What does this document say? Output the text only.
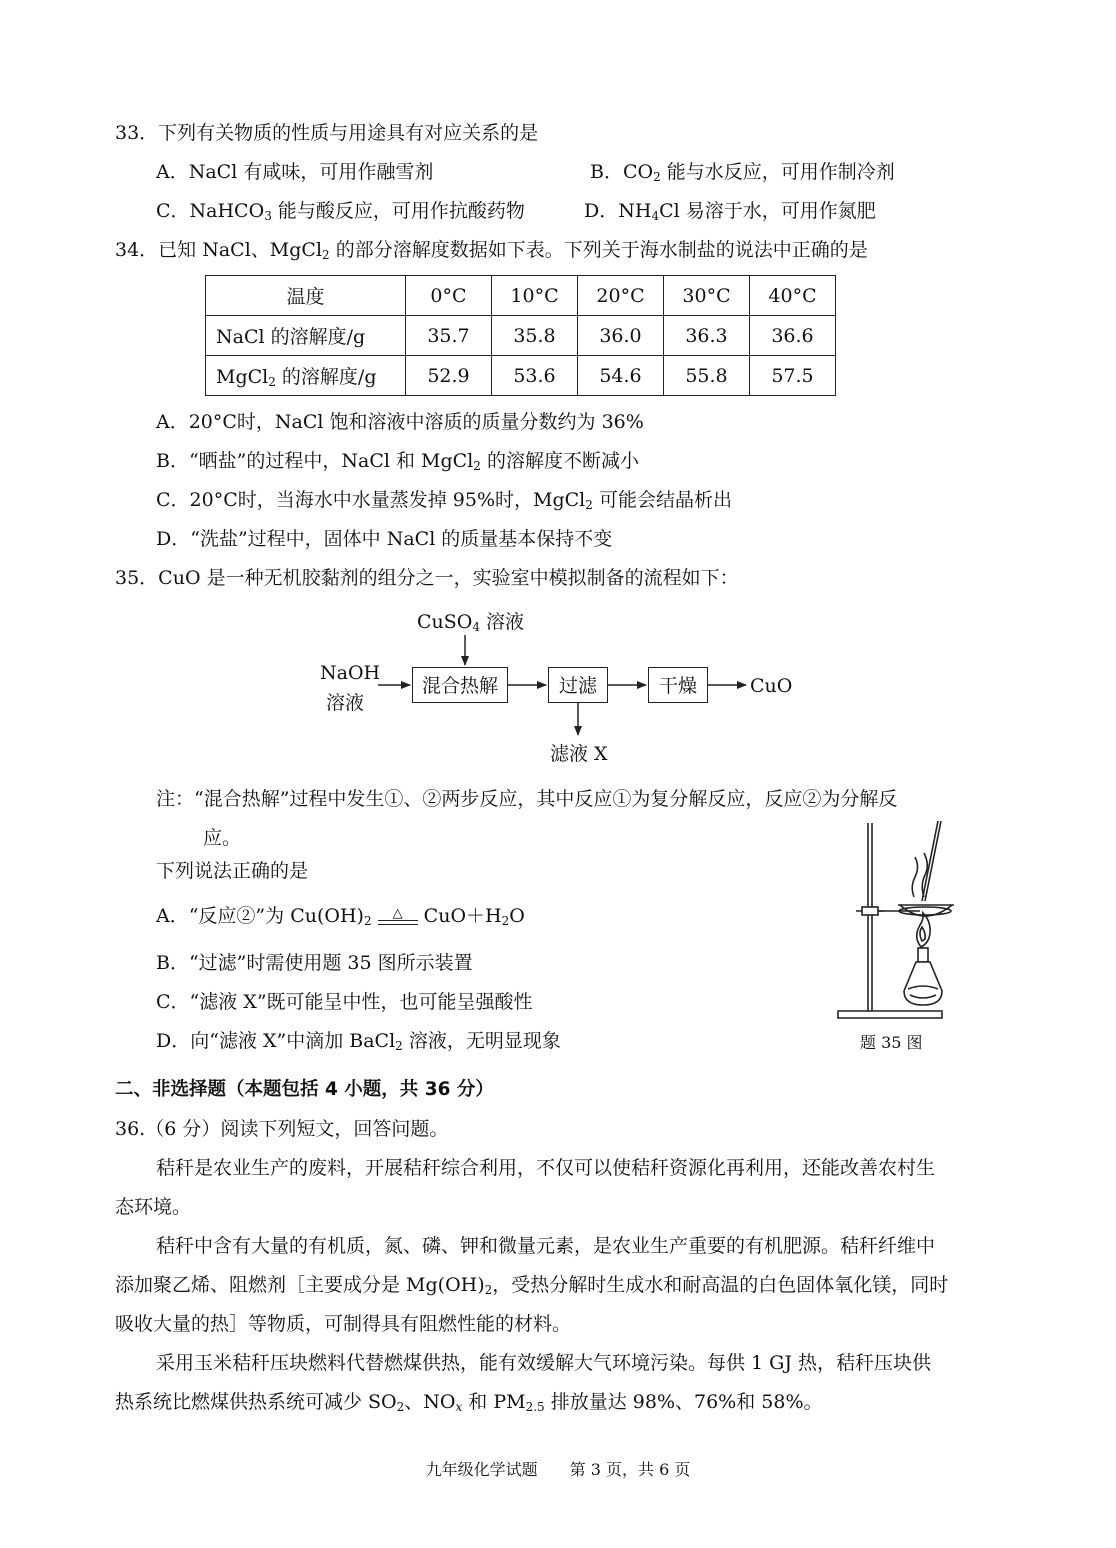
33．下列有关物质的性质与用途具有对应关系的是
A．NaCl 有咸味，可用作融雪剂	B．$CO_2$ 能与水反应，可用作制冷剂
C．NaHCO$_3$ 能与酸反应，可用作抗酸药物	D．$NH_4Cl$ 易溶于水，可用作氮肥
34．已知 NaCl、MgCl$_2$ 的部分溶解度数据如下表。下列关于海水制盐的说法中正确的是
温度	0°C	10°C	20°C	30°C	40°C
NaCl 的溶解度/g	35.7	35.8	36.0	36.3	36.6
MgCl$_2$ 的溶解度/g	52.9	53.6	54.6	55.8	57.5
A．20°C时，NaCl 饱和溶液中溶质的质量分数约为 36%
B．“晒盐”的过程中，NaCl 和 MgCl$_2$ 的溶解度不断减小
C．20°C时，当海水中水量蒸发掉 95%时，MgCl$_2$ 可能会结晶析出
D．“洗盐”过程中，固体中 NaCl 的质量基本保持不变
35．CuO 是一种无机胶黏剂的组分之一，实验室中模拟制备的流程如下：
CuSO$_4$ 溶液
NaOH
溶液
混合热解	过滤	干燥	CuO
滤液 X
注：“混合热解”过程中发生①、②两步反应，其中反应①为复分解反应，反应②为分解反
应。
下列说法正确的是
A．“反应②”为 $Cu(OH)_2$	△	$CuO+H_2O$
B．“过滤”时需使用题 35 图所示装置
C．“滤液 X”既可能呈中性，也可能呈强酸性
D．向“滤液 X”中滴加 BaCl$_2$ 溶液，无明显现象	题 35 图
二、非选择题（本题包括 4 小题，共 36 分）
36.（6 分）阅读下列短文，回答问题。
秸秆是农业生产的废料，开展秸秆综合利用，不仅可以使秸秆资源化再利用，还能改善农村生
态环境。
秸秆中含有大量的有机质，氮、磷、钾和微量元素，是农业生产重要的有机肥源。秸秆纤维中
添加聚乙烯、阻燃剂［主要成分是 $Mg(OH)_2$，受热分解时生成水和耐高温的白色固体氧化镁，同时
吸收大量的热］等物质，可制得具有阻燃性能的材料。
采用玉米秸秆压块燃料代替燃煤供热，能有效缓解大气环境污染。每供 1 GJ 热，秸秆压块供
热系统比燃煤供热系统可减少 $SO_2$、$NO_x$ 和 $PM_{2.5}$ 排放量达 98%、76%和 58%。
九年级化学试题　　第 3 页，共 6 页
